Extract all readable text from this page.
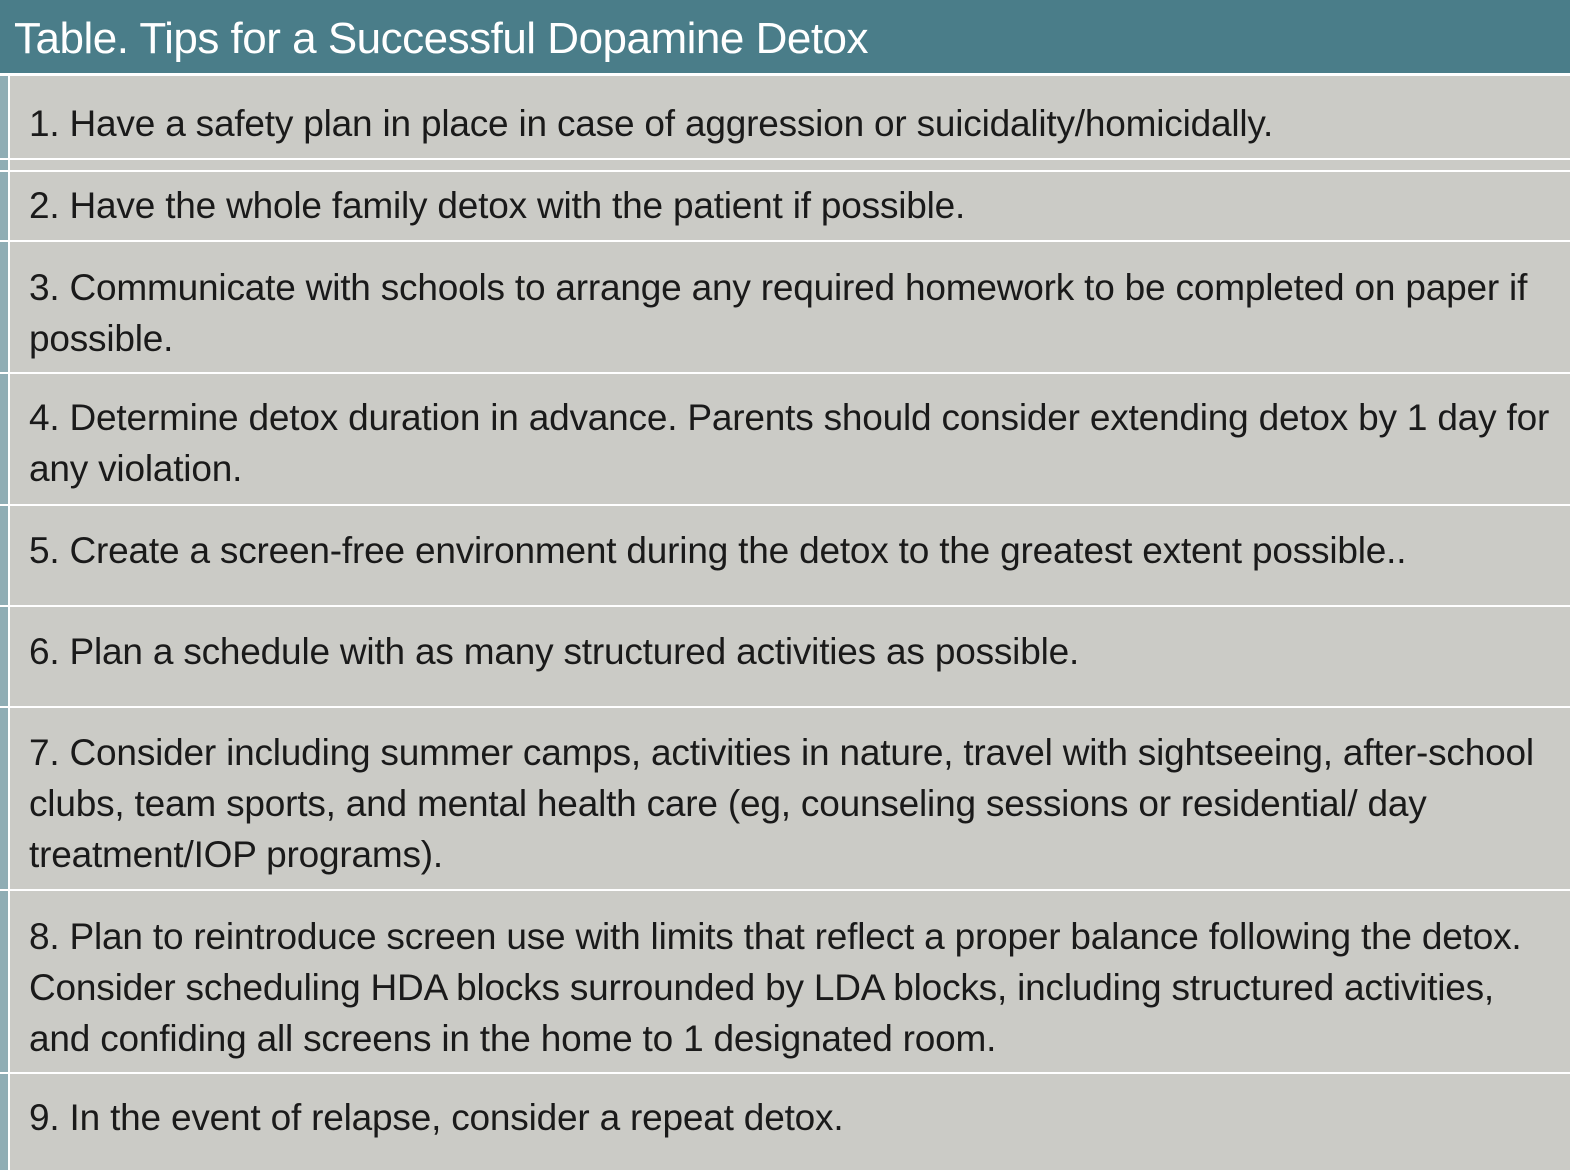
Table. Tips for a Successful Dopamine Detox
1. Have a safety plan in place in case of aggression or suicidality/homicidally.
2. Have the whole family detox with the patient if possible.
3. Communicate with schools to arrange any required homework to be completed on paper if possible.
4. Determine detox duration in advance. Parents should consider extending detox by 1 day for any violation.
5. Create a screen-free environment during the detox to the greatest extent possible..
6. Plan a schedule with as many structured activities as possible.
7. Consider including summer camps, activities in nature, travel with sightseeing, after-school clubs, team sports, and mental health care (eg, counseling sessions or residential/ day treatment/IOP programs).
8. Plan to reintroduce screen use with limits that reflect a proper balance following the detox. Consider scheduling HDA blocks surrounded by LDA blocks, including structured activities, and confiding all screens in the home to 1 designated room.
9. In the event of relapse, consider a repeat detox.
